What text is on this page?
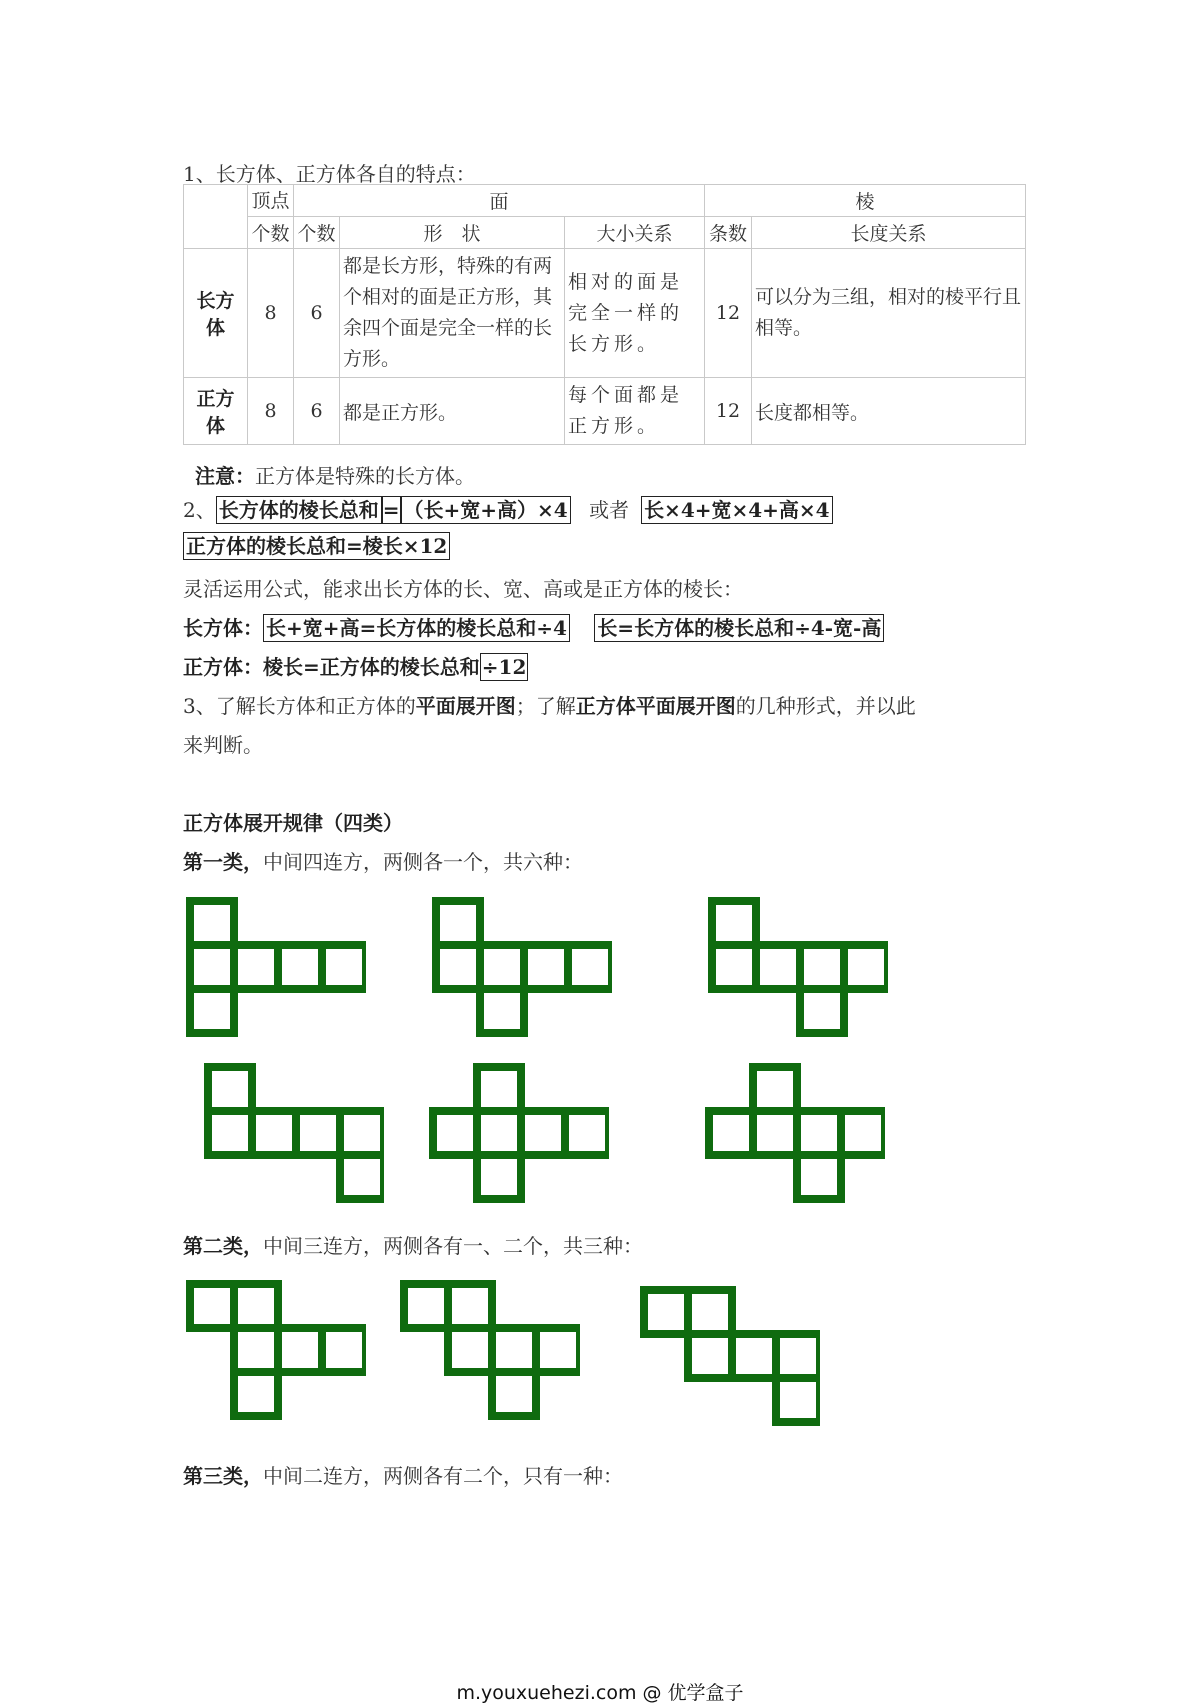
1、长方体、正方体各自的特点：
	顶点	面			棱	
	个数	个数	形　状	大小关系	条数	长度关系
长方体	8	6	都是长方形，特殊的有两个相对的面是正方形，其余四个面是完全一样的长方形。	相对的面是完全一样的长方形。	12	可以分为三组，相对的棱平行且相等。
正方体	8	6	都是正方形。	每个面都是正方形。	12	长度都相等。
注意：正方体是特殊的长方体。
2、 长方体的棱长总和 = （长+宽+高）×4 或者 长×4+宽×4+高×4
正方体的棱长总和=棱长×12
灵活运用公式，能求出长方体的长、宽、高或是正方体的棱长：
长方体： 长+宽+高=长方体的棱长总和÷4 长=长方体的棱长总和÷4-宽-高
正方体：棱长=正方体的棱长总和 ÷12
3、了解长方体和正方体的平面展开图；了解正方体平面展开图的几种形式，并以此
来判断。
正方体展开规律（四类）
第一类，中间四连方，两侧各一个，共六种：
第二类，中间三连方，两侧各有一、二个，共三种：
第三类，中间二连方，两侧各有二个，只有一种：
m.youxuehezi.com @ 优学盒子
